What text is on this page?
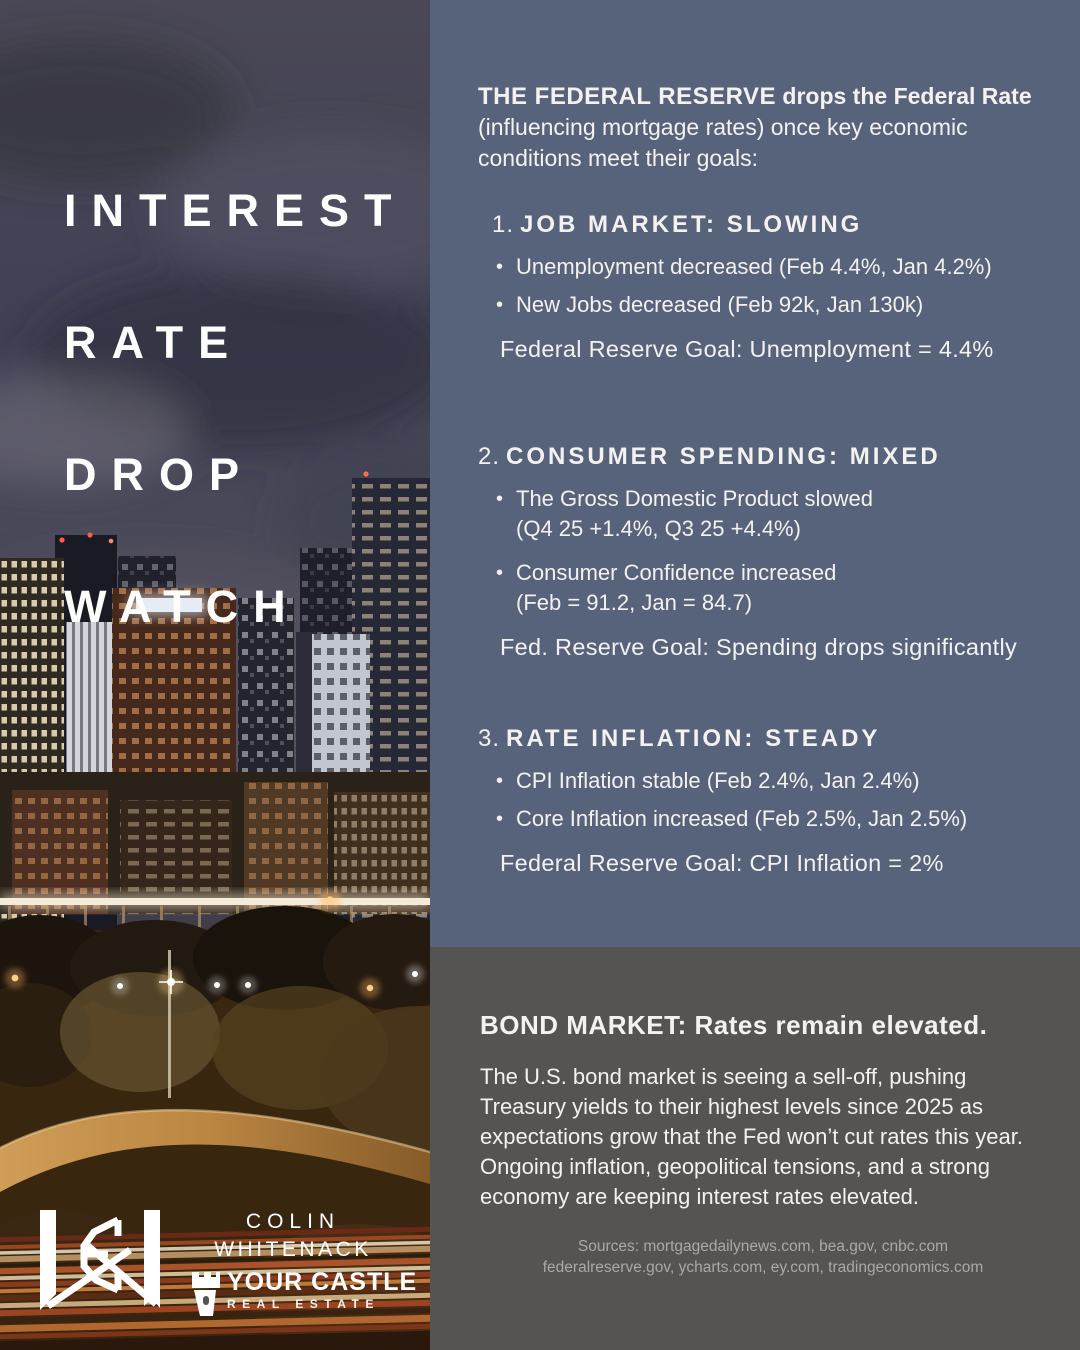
INTEREST

RATE

DROP

WATCH

THE FEDERAL RESERVE drops the Federal Rate
(influencing mortgage rates) once key economic conditions meet their goals:

1. JOB MARKET: SLOWING
• Unemployment decreased (Feb 4.4%, Jan 4.2%)
• New Jobs decreased (Feb 92k, Jan 130k)
Federal Reserve Goal: Unemployment = 4.4%
2. CONSUMER SPENDING: MIXED
• The Gross Domestic Product slowed
(Q4 25 +1.4%, Q3 25 +4.4%)
• Consumer Confidence increased
(Feb = 91.2, Jan = 84.7)
Fed. Reserve Goal: Spending drops significantly
3. RATE INFLATION: STEADY
• CPI Inflation stable (Feb 2.4%, Jan 2.4%)
• Core Inflation increased (Feb 2.5%, Jan 2.5%)
Federal Reserve Goal: CPI Inflation = 2%
BOND MARKET: Rates remain elevated.
The U.S. bond market is seeing a sell-off, pushing Treasury yields to their highest levels since 2025 as expectations grow that the Fed won’t cut rates this year. Ongoing inflation, geopolitical tensions, and a strong economy are keeping interest rates elevated.
Sources: mortgagedailynews.com, bea.gov, cnbc.com
federalreserve.gov, ycharts.com, ey.com, tradingeconomics.com
COLIN
WHITENACK
YOUR CASTLE
REAL ESTATE
